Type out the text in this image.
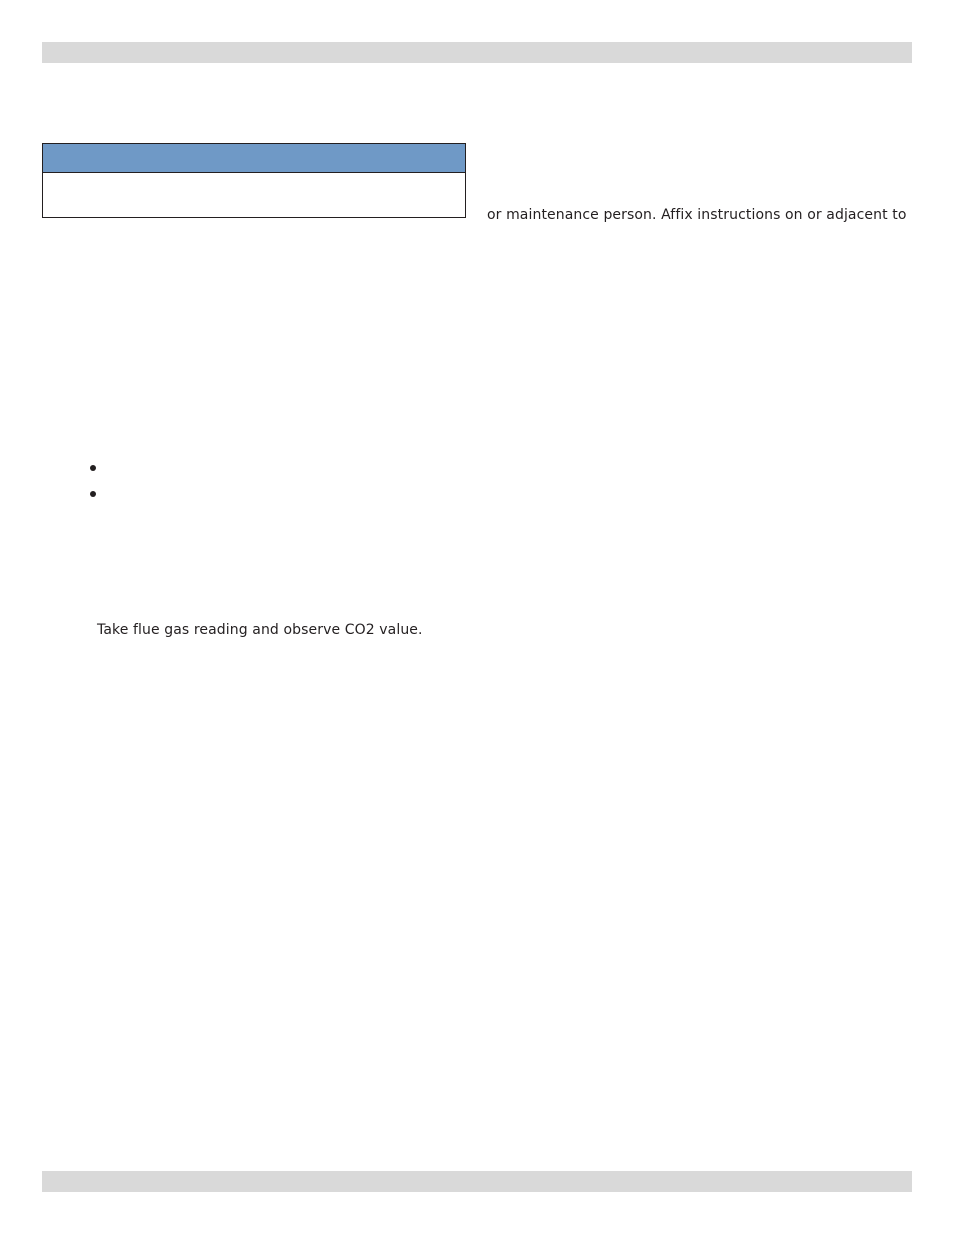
or maintenance person. Affix instructions on or adjacent to
Take flue gas reading and observe CO2 value.
